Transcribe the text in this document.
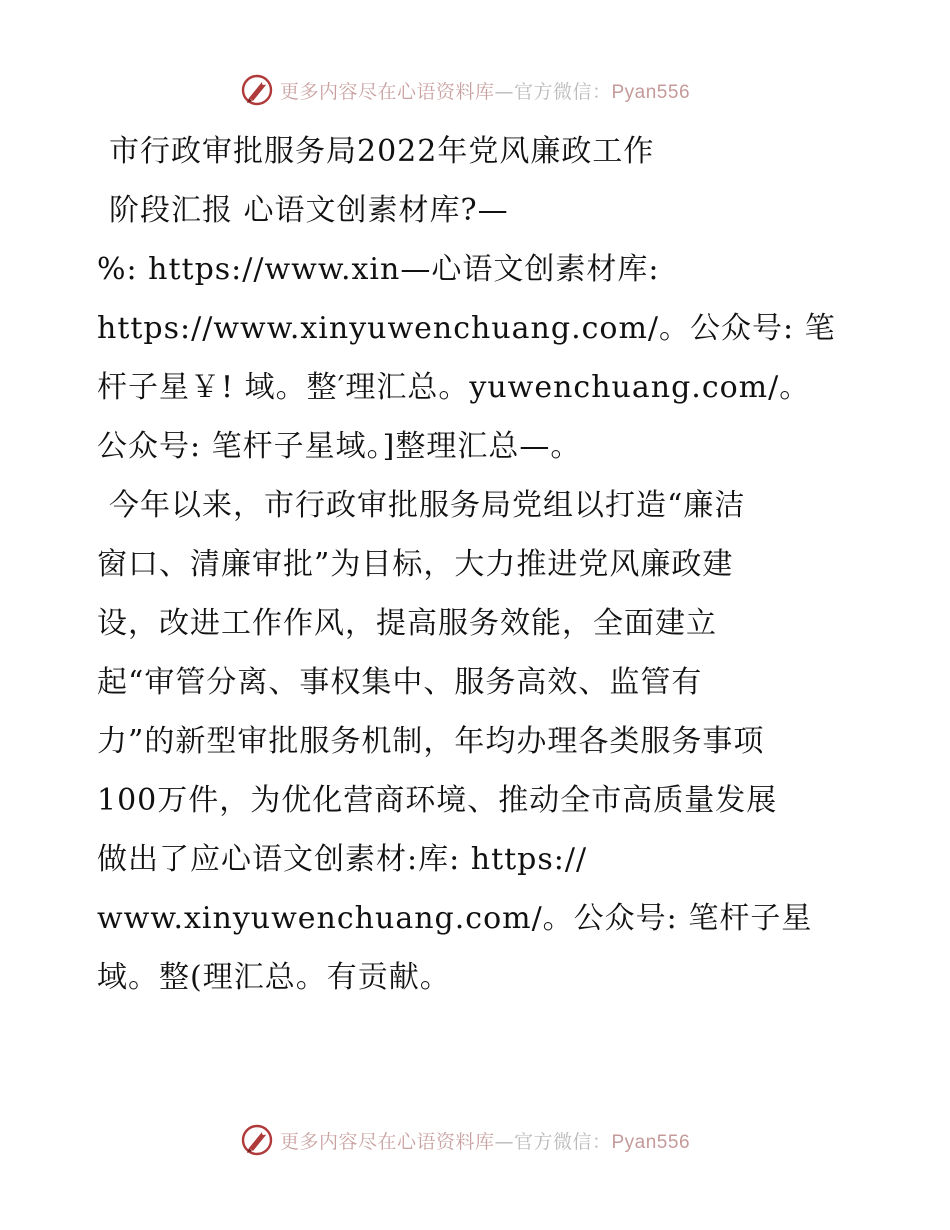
更多内容尽在心语资料库—官方微信：Pyan556
市行政审批服务局2022年党风廉政工作
阶段汇报 心语文创素材库?—
%: https://www.xin—心语文创素材库:
https://www.xinyuwenchuang.com/。公众号: 笔
杆子星￥! 域。整′理汇总。yuwenchuang.com/。
公众号: 笔杆子星域。]整理汇总—。
今年以来，市行政审批服务局党组以打造“廉洁
窗口、清廉审批”为目标，大力推进党风廉政建
设，改进工作作风，提高服务效能，全面建立
起“审管分离、事权集中、服务高效、监管有
力”的新型审批服务机制，年均办理各类服务事项
100万件，为优化营商环境、推动全市高质量发展
做出了应心语文创素材:库: https://
www.xinyuwenchuang.com/。公众号: 笔杆子星
域。整(理汇总。有贡献。
更多内容尽在心语资料库—官方微信：Pyan556
